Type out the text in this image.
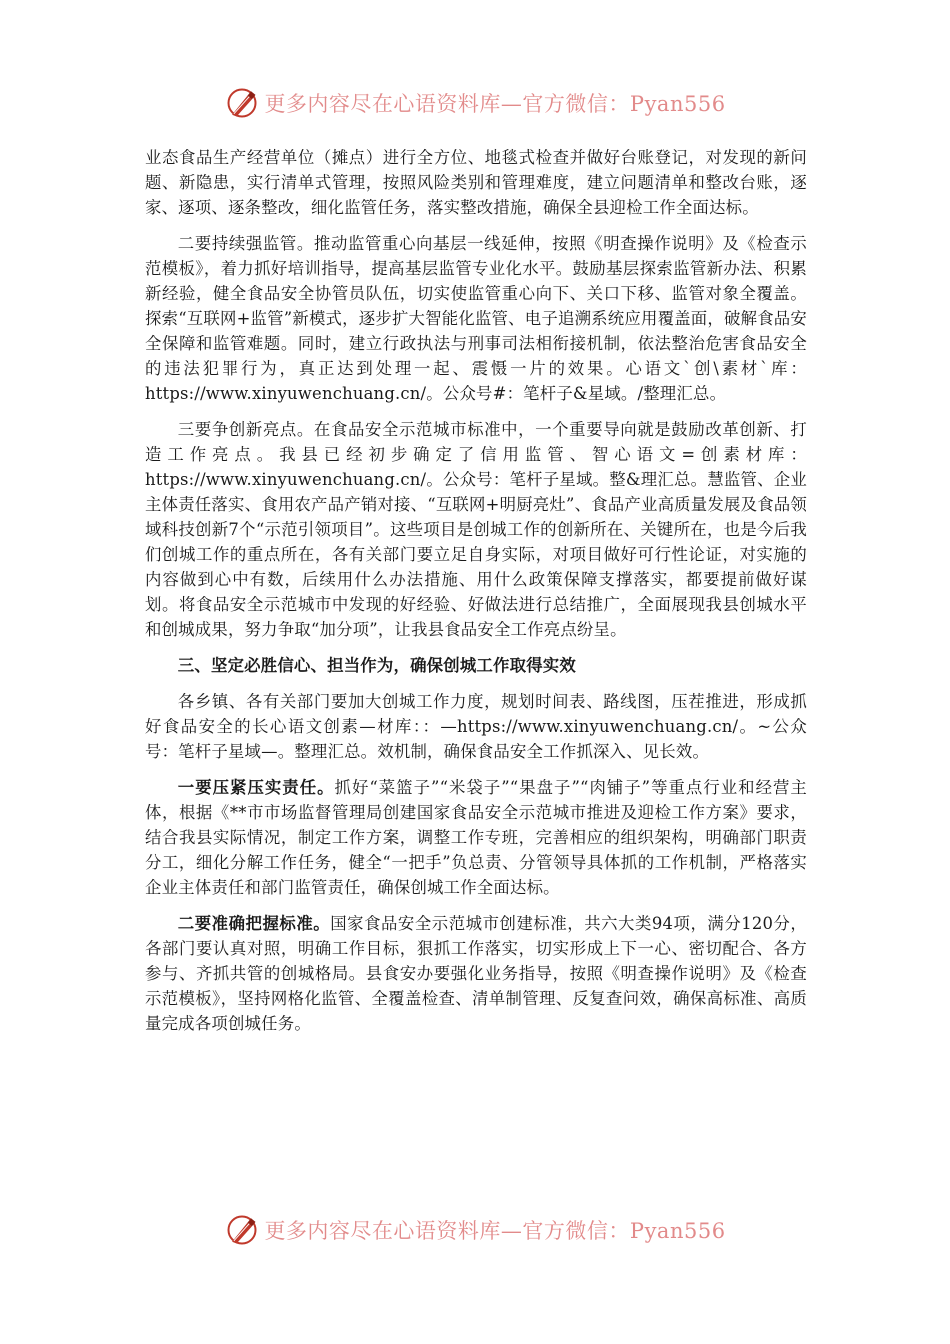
更多内容尽在心语资料库—官方微信：Pyan556

业态食品生产经营单位（摊点）进行全方位、地毯式检查并做好台账登记，对发现的新问题、新隐患，实行清单式管理，按照风险类别和管理难度，建立问题清单和整改台账，逐家、逐项、逐条整改，细化监管任务，落实整改措施，确保全县迎检工作全面达标。

二要持续强监管。推动监管重心向基层一线延伸，按照《明查操作说明》及《检查示范模板》，着力抓好培训指导，提高基层监管专业化水平。鼓励基层探索监管新办法、积累新经验，健全食品安全协管员队伍，切实使监管重心向下、关口下移、监管对象全覆盖。探索“互联网+监管”新模式，逐步扩大智能化监管、电子追溯系统应用覆盖面，破解食品安全保障和监管难题。同时，建立行政执法与刑事司法相衔接机制，依法整治危害食品安全的违法犯罪行为，真正达到处理一起、震慑一片的效果。心语文`创\素材`库：https://www.xinyuwenchuang.cn/。公众号#：笔杆子&星域。/整理汇总。

三要争创新亮点。在食品安全示范城市标准中，一个重要导向就是鼓励改革创新、打造工作亮点。我县已经初步确定了信用监管、智心语文=创素材库：https://www.xinyuwenchuang.cn/。公众号：笔杆子星域。整&理汇总。慧监管、企业主体责任落实、食用农产品产销对接、“互联网+明厨亮灶”、食品产业高质量发展及食品领域科技创新7个“示范引领项目”。这些项目是创城工作的创新所在、关键所在，也是今后我们创城工作的重点所在，各有关部门要立足自身实际，对项目做好可行性论证，对实施的内容做到心中有数，后续用什么办法措施、用什么政策保障支撑落实，都要提前做好谋划。将食品安全示范城市中发现的好经验、好做法进行总结推广，全面展现我县创城水平和创城成果，努力争取“加分项”，让我县食品安全工作亮点纷呈。

三、坚定必胜信心、担当作为，确保创城工作取得实效

各乡镇、各有关部门要加大创城工作力度，规划时间表、路线图，压茬推进，形成抓好食品安全的长心语文创素—材库：：—https://www.xinyuwenchuang.cn/。~公众号：笔杆子星域—。整理汇总。效机制，确保食品安全工作抓深入、见长效。

一要压紧压实责任。抓好“菜篮子”“米袋子”“果盘子”“肉铺子”等重点行业和经营主体，根据《**市市场监督管理局创建国家食品安全示范城市推进及迎检工作方案》要求，结合我县实际情况，制定工作方案，调整工作专班，完善相应的组织架构，明确部门职责分工，细化分解工作任务，健全“一把手”负总责、分管领导具体抓的工作机制，严格落实企业主体责任和部门监管责任，确保创城工作全面达标。

二要准确把握标准。国家食品安全示范城市创建标准，共六大类94项，满分120分，各部门要认真对照，明确工作目标，狠抓工作落实，切实形成上下一心、密切配合、各方参与、齐抓共管的创城格局。县食安办要强化业务指导，按照《明查操作说明》及《检查示范模板》，坚持网格化监管、全覆盖检查、清单制管理、反复查问效，确保高标准、高质量完成各项创城任务。

更多内容尽在心语资料库—官方微信：Pyan556
